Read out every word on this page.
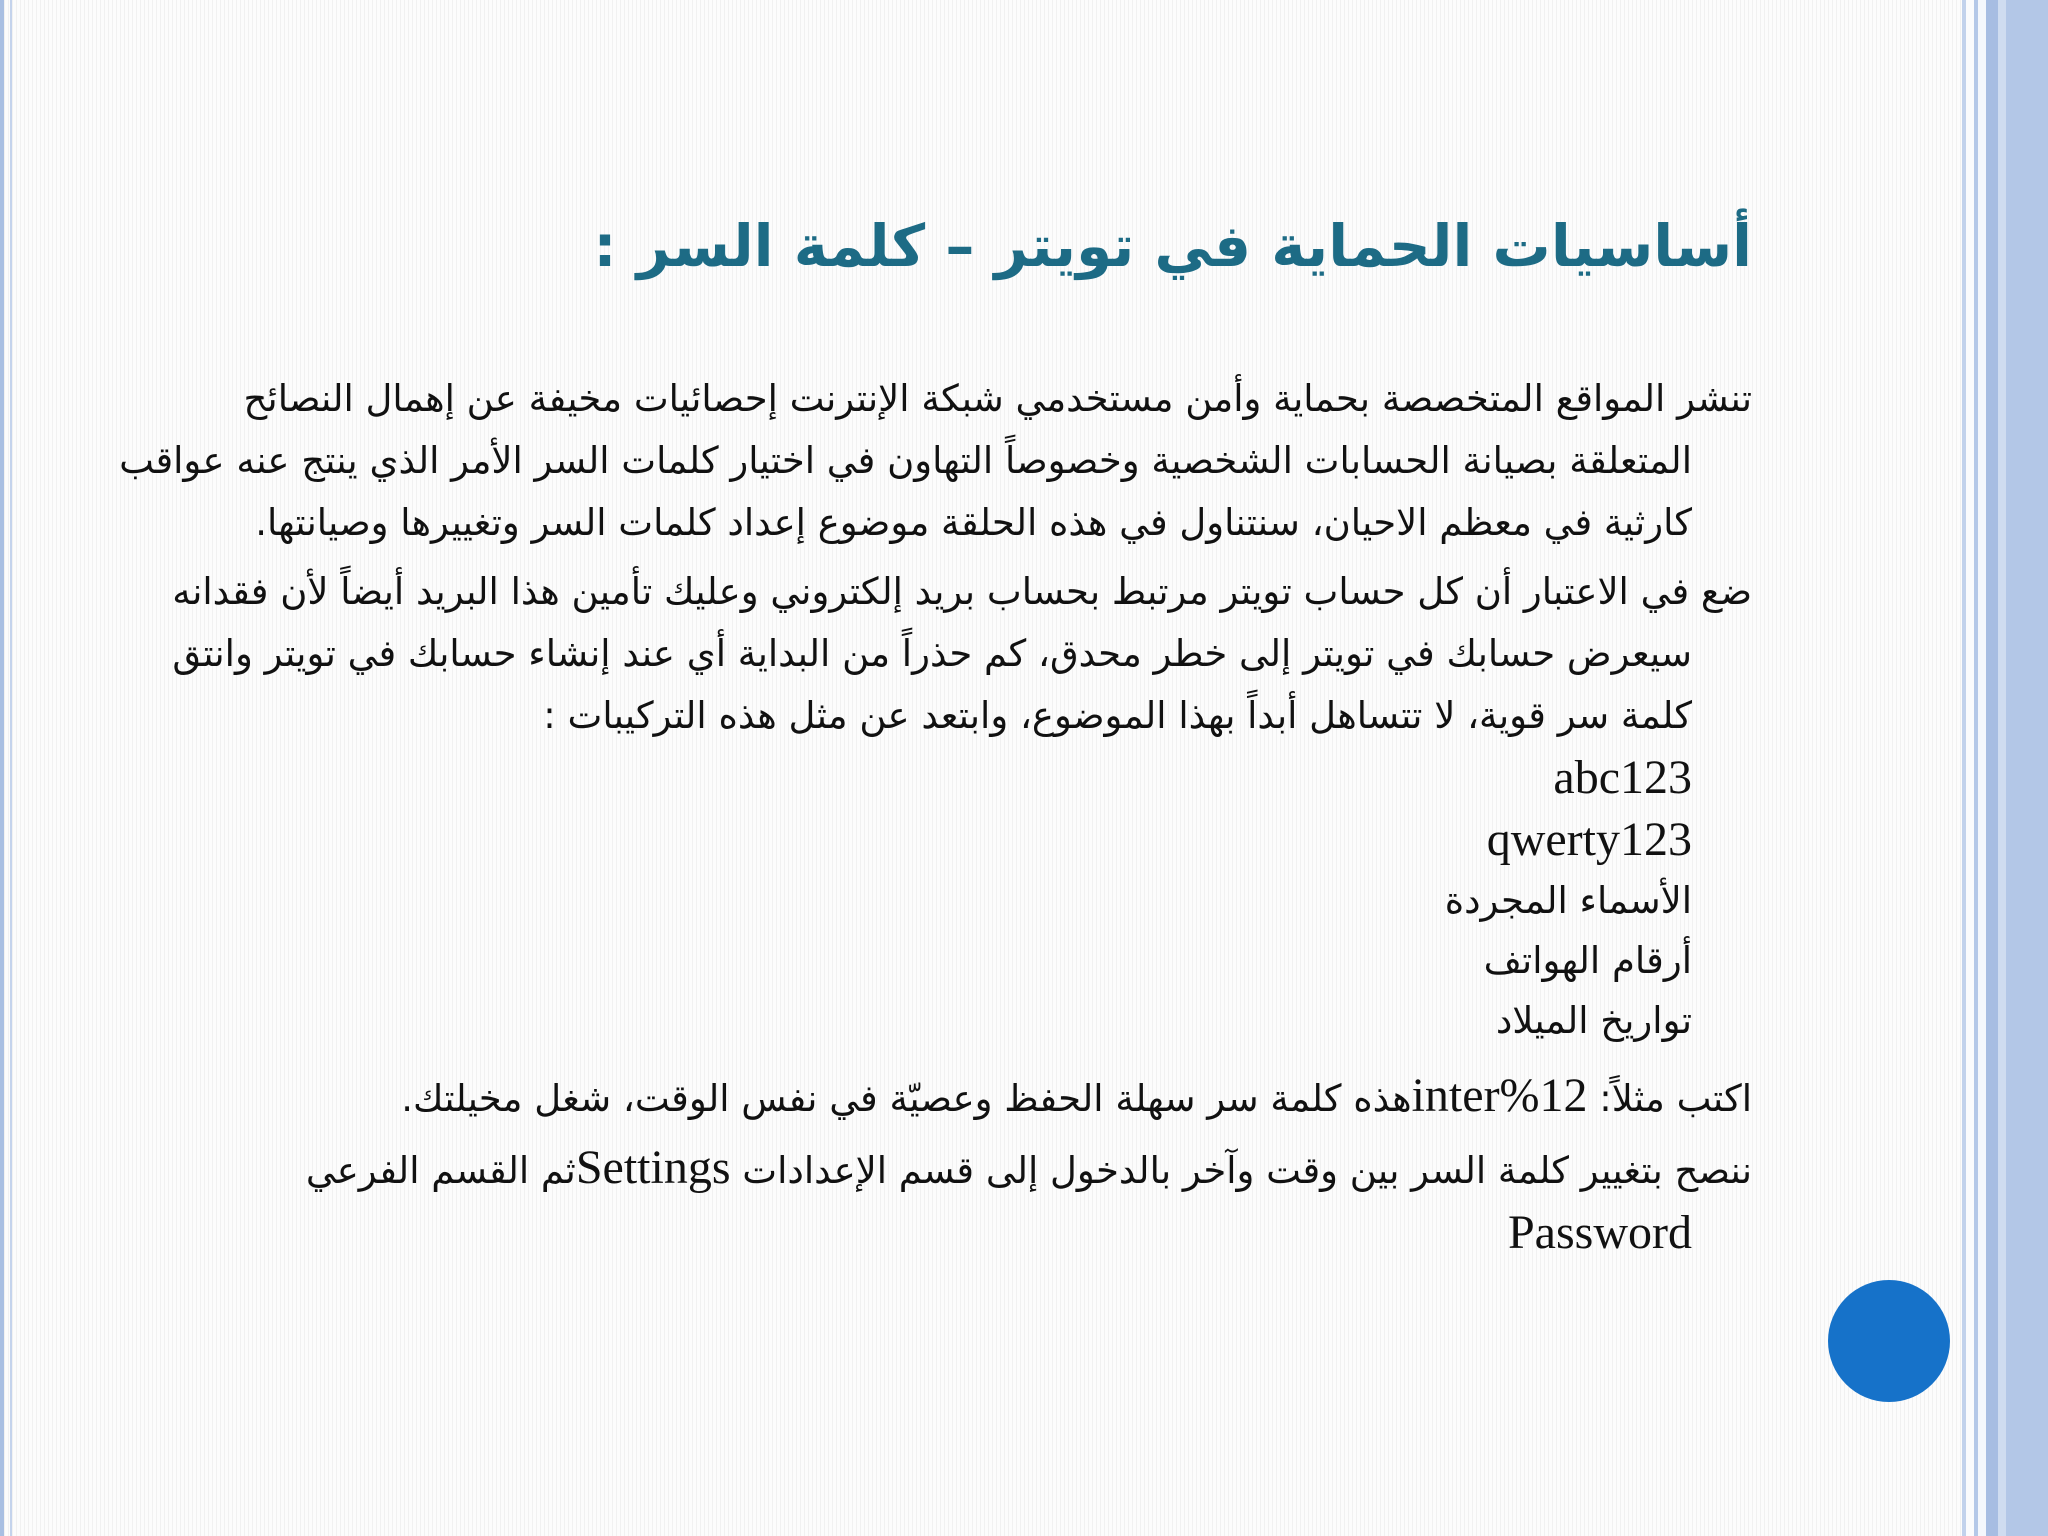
أساسيات الحماية في تويتر – كلمة السر :

تنشر المواقع المتخصصة بحماية وأمن مستخدمي شبكة الإنترنت إحصائيات مخيفة عن إهمال النصائح المتعلقة بصيانة الحسابات الشخصية وخصوصاً التهاون في اختيار كلمات السر الأمر الذي ينتج عنه عواقب كارثية في معظم الاحيان، سنتناول في هذه الحلقة موضوع إعداد كلمات السر وتغييرها وصيانتها.

ضع في الاعتبار أن كل حساب تويتر مرتبط بحساب بريد إلكتروني وعليك تأمين هذا البريد أيضاً لأن فقدانه سيعرض حسابك في تويتر إلى خطر محدق، كم حذراً من البداية أي عند إنشاء حسابك في تويتر وانتق كلمة سر قوية، لا تتساهل أبداً بهذا الموضوع، وابتعد عن مثل هذه التركيبات :

abc123
qwerty123
الأسماء المجردة
أرقام الهواتف
تواريخ الميلاد

اكتب مثلاً: inter%12هذه كلمة سر سهلة الحفظ وعصيّة في نفس الوقت، شغل مخيلتك.

ننصح بتغيير كلمة السر بين وقت وآخر بالدخول إلى قسم الإعدادات Settingsثم القسم الفرعي Password
